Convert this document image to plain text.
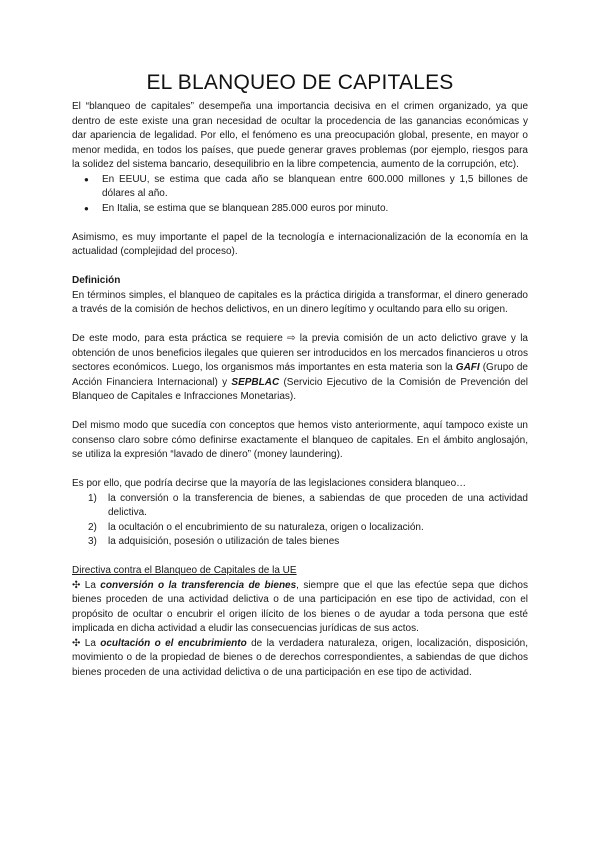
EL BLANQUEO DE CAPITALES

El “blanqueo de capitales” desempeña una importancia decisiva en el crimen organizado, ya que dentro de este existe una gran necesidad de ocultar la procedencia de las ganancias económicas y dar apariencia de legalidad. Por ello, el fenómeno es una preocupación global, presente, en mayor o menor medida, en todos los países, que puede generar graves problemas (por ejemplo, riesgos para la solidez del sistema bancario, desequilibrio en la libre competencia, aumento de la corrupción, etc).

● En EEUU, se estima que cada año se blanquean entre 600.000 millones y 1,5 billones de dólares al año.
● En Italia, se estima que se blanquean 285.000 euros por minuto.

Asimismo, es muy importante el papel de la tecnología e internacionalización de la economía en la actualidad (complejidad del proceso).

Definición

En términos simples, el blanqueo de capitales es la práctica dirigida a transformar, el dinero generado a través de la comisión de hechos delictivos, en un dinero legítimo y ocultando para ello su origen.

De este modo, para esta práctica se requiere ⇨ la previa comisión de un acto delictivo grave y la obtención de unos beneficios ilegales que quieren ser introducidos en los mercados financieros u otros sectores económicos. Luego, los organismos más importantes en esta materia son la GAFI (Grupo de Acción Financiera Internacional) y SEPBLAC (Servicio Ejecutivo de la Comisión de Prevención del Blanqueo de Capitales e Infracciones Monetarias).

Del mismo modo que sucedía con conceptos que hemos visto anteriormente, aquí tampoco existe un consenso claro sobre cómo definirse exactamente el blanqueo de capitales. En el ámbito anglosajón, se utiliza la expresión “lavado de dinero” (money laundering).

Es por ello, que podría decirse que la mayoría de las legislaciones considera blanqueo…

1) la conversión o la transferencia de bienes, a sabiendas de que proceden de una actividad delictiva.
2) la ocultación o el encubrimiento de su naturaleza, origen o localización.
3) la adquisición, posesión o utilización de tales bienes

Directiva contra el Blanqueo de Capitales de la UE

✣ La conversión o la transferencia de bienes, siempre que el que las efectúe sepa que dichos bienes proceden de una actividad delictiva o de una participación en ese tipo de actividad, con el propósito de ocultar o encubrir el origen ilícito de los bienes o de ayudar a toda persona que esté implicada en dicha actividad a eludir las consecuencias jurídicas de sus actos.

✣ La ocultación o el encubrimiento de la verdadera naturaleza, origen, localización, disposición, movimiento o de la propiedad de bienes o de derechos correspondientes, a sabiendas de que dichos bienes proceden de una actividad delictiva o de una participación en ese tipo de actividad.
